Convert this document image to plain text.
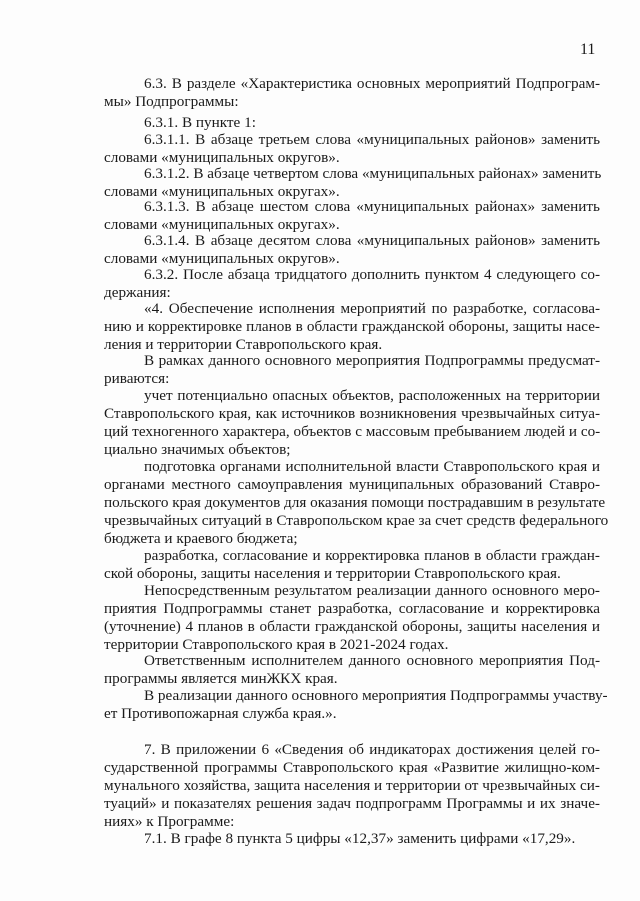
11
6.3. В разделе «Характеристика основных мероприятий Подпрограм-
мы» Подпрограммы:
6.3.1. В пункте 1:
6.3.1.1. В абзаце третьем слова «муниципальных районов» заменить
словами «муниципальных округов».
6.3.1.2. В абзаце четвертом слова «муниципальных районах» заменить
словами «муниципальных округах».
6.3.1.3. В абзаце шестом слова «муниципальных районах» заменить
словами «муниципальных округах».
6.3.1.4. В абзаце десятом слова «муниципальных районов» заменить
словами «муниципальных округов».
6.3.2. После абзаца тридцатого дополнить пунктом 4 следующего со-
держания:
«4. Обеспечение исполнения мероприятий по разработке, согласова-
нию и корректировке планов в области гражданской обороны, защиты насе-
ления и территории Ставропольского края.
В рамках данного основного мероприятия Подпрограммы предусмат-
риваются:
учет потенциально опасных объектов, расположенных на территории
Ставропольского края, как источников возникновения чрезвычайных ситуа-
ций техногенного характера, объектов с массовым пребыванием людей и со-
циально значимых объектов;
подготовка органами исполнительной власти Ставропольского края и
органами местного самоуправления муниципальных образований Ставро-
польского края документов для оказания помощи пострадавшим в результате
чрезвычайных ситуаций в Ставропольском крае за счет средств федерального
бюджета и краевого бюджета;
разработка, согласование и корректировка планов в области граждан-
ской обороны, защиты населения и территории Ставропольского края.
Непосредственным результатом реализации данного основного меро-
приятия Подпрограммы станет разработка, согласование и корректировка
(уточнение) 4 планов в области гражданской обороны, защиты населения и
территории Ставропольского края в 2021-2024 годах.
Ответственным исполнителем данного основного мероприятия Под-
программы является минЖКХ края.
В реализации данного основного мероприятия Подпрограммы участву-
ет Противопожарная служба края.».
7. В приложении 6 «Сведения об индикаторах достижения целей го-
сударственной программы Ставропольского края «Развитие жилищно-ком-
мунального хозяйства, защита населения и территории от чрезвычайных си-
туаций» и показателях решения задач подпрограмм Программы и их значе-
ниях» к Программе:
7.1. В графе 8 пункта 5 цифры «12,37» заменить цифрами «17,29».
